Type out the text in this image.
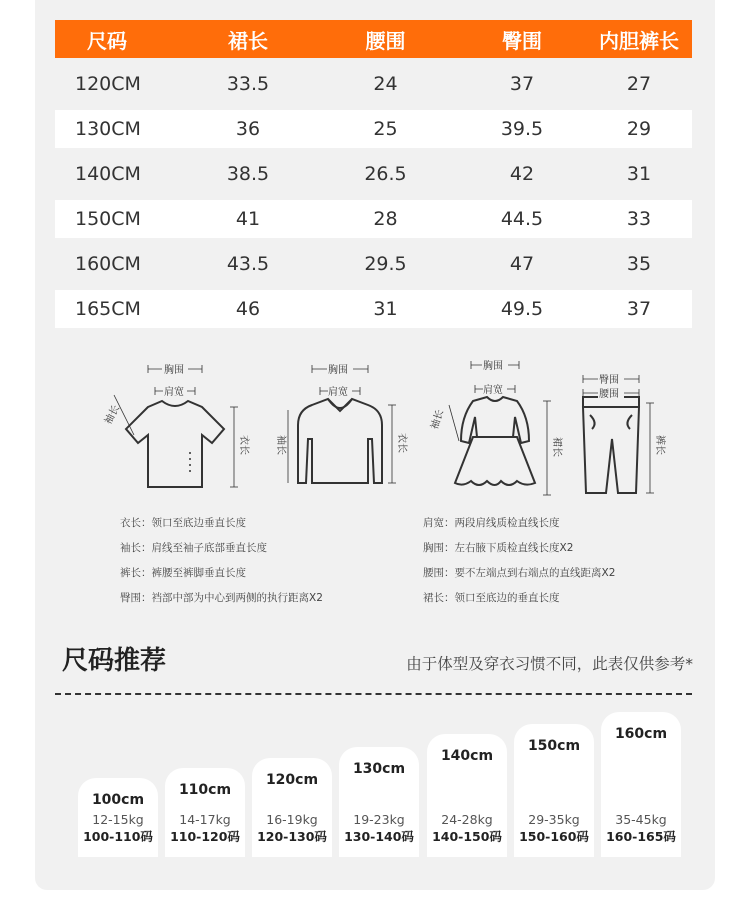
尺码	裙长	腰围	臀围	内胆裤长
120CM	33.5	24	37	27
130CM	36	25	39.5	29
140CM	38.5	26.5	42	31
150CM	41	28	44.5	33
160CM	43.5	29.5	47	35
165CM	46	31	49.5	37
胸围
肩宽
袖长
衣长
胸围
肩宽
袖长	衣长
胸围
肩宽
袖长
裙长
臀围
腰围
裤长
衣长：领口至底边垂直长度
袖长：肩线至袖子底部垂直长度
裤长：裤腰至裤脚垂直长度
臀围：裆部中部为中心到两侧的执行距离X2
肩宽：两段肩线质检直线长度
胸围：左右腋下质检直线长度X2
腰围：要不左端点到右端点的直线距离X2
裙长：领口至底边的垂直长度
尺码推荐	由于体型及穿衣习惯不同，此表仅供参考*
100cm
12-15kg
100-110码
110cm
14-17kg
110-120码
120cm
16-19kg
120-130码
130cm
19-23kg
130-140码
140cm
24-28kg
140-150码
150cm
29-35kg
150-160码
160cm
35-45kg
160-165码
